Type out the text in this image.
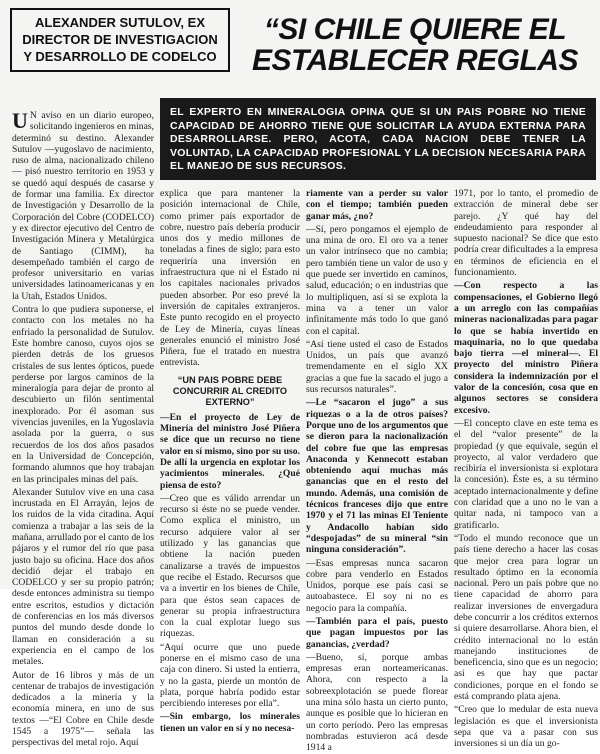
ALEXANDER SUTULOV, EX
DIRECTOR DE INVESTIGACION
Y DESARROLLO DE CODELCO
“SI CHILE QUIERE EL
ESTABLECER REGLAS
EL EXPERTO EN MINERALOGIA OPINA QUE SI UN PAIS POBRE NO TIENE CAPACIDAD DE AHORRO TIENE QUE SOLICITAR LA AYUDA EXTERNA PARA DESARROLLARSE. PERO, ACOTA, CADA NACION DEBE TENER LA VOLUNTAD, LA CAPACIDAD PROFESIONAL Y LA DECISION NECESARIA PARA EL MANEJO DE SUS RECURSOS.
U N aviso en un diario europeo, solicitando ingenieros en minas, determinó su destino. Alexander Sutulov —yugoslavo de nacimiento, ruso de alma, nacionalizado chileno— pisó nuestro territorio en 1953 y se quedó aquí después de casarse y de formar una familia. Ex director de Investigación y Desarrollo de la Corporación del Cobre (CODELCO) y ex director ejecutivo del Centro de Investigación Minera y Metalúrgica de Santiago (CIMM), ha desempeñado también el cargo de profesor universitario en varias universidades latinoamericanas y en la Utah, Estados Unidos.

Contra lo que pudiera suponerse, el contacto con los metales no ha enfriado la personalidad de Sutulov. Este hombre canoso, cuyos ojos se pierden detrás de los gruesos cristales de sus lentes ópticos, puede perderse por largos caminos de la mineralogía para dejar de pronto al descubierto un filón sentimental inexplorado. Por él asoman sus vivencias juveniles, en la Yugoslavia asolada por la guerra, o sus recuerdos de los dos años pasados en la Universidad de Concepción, formando alumnos que hoy trabajan en las principales minas del país.

Alexander Sutulov vive en una casa incrustada en El Arrayán, lejos de los ruidos de la vida citadina. Aquí comienza a trabajar a las seis de la mañana, arrullado por el canto de los pájaros y el rumor del río que pasa justo bajo su oficina. Hace dos años decidió dejar el trabajo en CODELCO y ser su propio patrón; desde entonces administra su tiempo entre escritos, estudios y dictación de conferencias en los más diversos puntos del mundo desde donde lo llaman en consideración a su experiencia en el campo de los metales.

Autor de 16 libros y más de un centenar de trabajos de investigación dedicados a la minería y la economía minera, en uno de sus textos —“El Cobre en Chile desde 1545 a 1975”— señala las perspectivas del metal rojo. Aquí

explica que para mantener la posición internacional de Chile, como primer país exportador de cobre, nuestro país debería producir unos dos y medio millones de toneladas a fines de siglo; para esto requeriría una inversión en infraestructura que ni el Estado ni los capitales nacionales privados pueden absorber. Por eso prevé la inversión de capitales extranjeros. Este punto recogido en el proyecto de Ley de Minería, cuyas líneas generales enunció el ministro José Piñera, fue el tratado en nuestra entrevista.

“UN PAIS POBRE DEBE CONCURRIR AL CREDITO EXTERNO”

—En el proyecto de Ley de Minería del ministro José Piñera se dice que un recurso no tiene valor en sí mismo, sino por su uso. De allí la urgencia en explotar los yacimientos minerales. ¿Qué piensa de esto?

—Creo que es válido arrendar un recurso si éste no se puede vender. Como explica el ministro, un recurso adquiere valor al ser utilizado y las ganancias que obtiene la nación pueden canalizarse a través de impuestos que recibe el Estado. Recursos que va a invertir en los bienes de Chile, para que éstos sean capaces de generar su propia infraestructura con la cual explotar luego sus riquezas.

“Aquí ocurre que uno puede ponerse en el mismo caso de una caja con dinero. Si usted la entierra, y no la gasta, pierde un montón de plata, porque habría podido estar percibiendo intereses por ella”.

—Sin embargo, los minerales tienen un valor en sí y no necesa-

riamente van a perder su valor con el tiempo; también pueden ganar más, ¿no?

—Sí, pero pongamos el ejemplo de una mina de oro. El oro va a tener un valor intrínseco que no cambia; pero también tiene un valor de uso y que puede ser invertido en caminos, salud, educación; o en industrias que lo multipliquen, así si se explota la mina va a tener un valor infinitamente más todo lo que ganó con el capital.

“Así tiene usted el caso de Estados Unidos, un país que avanzó tremendamente en el siglo XX gracias a que fue la sacado el jugo a sus recursos naturales”.

—Le “sacaron el jugo” a sus riquezas o a la de otros países? Porque uno de los argumentos que se dieron para la nacionalización del cobre fue que las empresas Anaconda y Kennecott estaban obteniendo aquí muchas más ganancias que en el resto del mundo. Además, una comisión de técnicos franceses dijo que entre 1970 y el 71 las minas El Teniente y Andacollo habían sido “despojadas” de su mineral “sin ninguna consideración”.

—Esas empresas nunca sacaron cobre para venderlo en Estados Unidos, porque ese país casi se autoabastece. El soy ni no es negocio para la compañía.

—También para el país, puesto que pagan impuestos por las ganancias, ¿verdad?

—Bueno, sí, porque ambas empresas eran norteamericanas. Ahora, con respecto a la sobreexplotación se puede florear una mina sólo hasta un cierto punto, aunque es posible que lo hicieran en un corto período. Pero las empresas nombradas estuvieron acá desde 1914 a

1971, por lo tanto, el promedio de extracción de mineral debe ser parejo. ¿Y qué hay del endeudamiento para responder al supuesto nacional? Se dice que esto podría crear dificultades a la empresa en términos de eficiencia en el funcionamiento.

—Con respecto a las compensaciones, el Gobierno llegó a un arreglo con las compañías mineras nacionalizadas para pagar lo que se había invertido en maquinaria, no lo que quedaba bajo tierra —el mineral—. El proyecto del ministro Piñera considera la indemnización por el valor de la concesión, cosa que en algunos sectores se considera excesivo.

—El concepto clave en este tema es el del “valor presente” de la propiedad (y que equivale, según el proyecto, al valor verdadero que recibiría el inversionista si explotara la concesión). Éste es, a su término aceptado internacionalmente y define con claridad que a uno no le van a quitar nada, ni tampoco van a gratificarlo.

“Todo el mundo reconoce que un país tiene derecho a hacer las cosas que mejor crea para lograr un resultado óptimo en la economía nacional. Pero un país pobre que no tiene capacidad de ahorro para realizar inversiones de envergadura debe concurrir a los créditos externos si quiere desarrollarse. Ahora bien, el crédito internacional no lo están manejando instituciones de beneficencia, sino que es un negocio; así es que hay que pactar condiciones, porque en el fondo se está comprando plata ajena.

“Creo que lo medular de esta nueva legislación es que el inversionista sepa que va a pasar con sus inversiones si un día un go-
